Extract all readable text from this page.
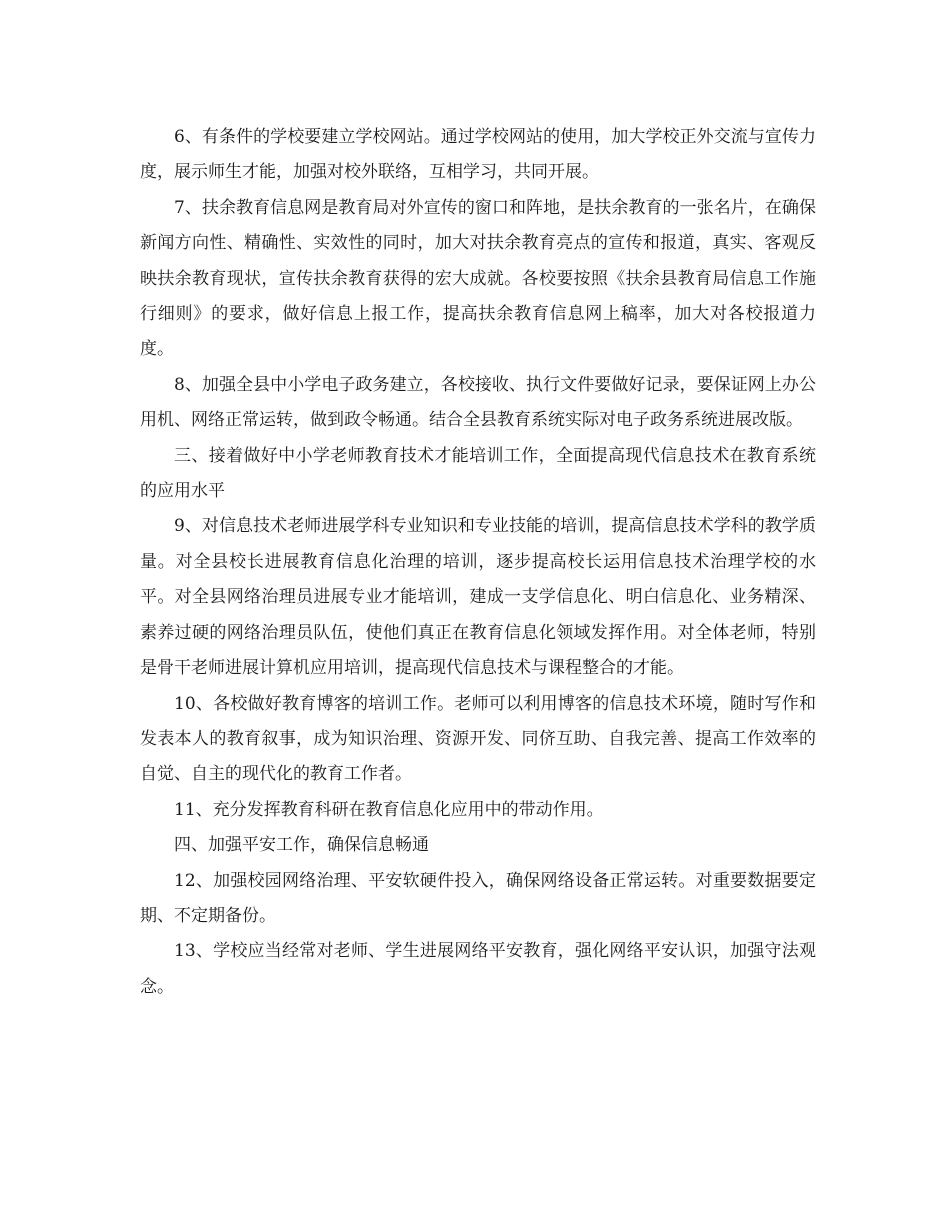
6、有条件的学校要建立学校网站。通过学校网站的使用，加大学校正外交流与宣传力度，展示师生才能，加强对校外联络，互相学习，共同开展。

7、扶余教育信息网是教育局对外宣传的窗口和阵地，是扶余教育的一张名片，在确保新闻方向性、精确性、实效性的同时，加大对扶余教育亮点的宣传和报道，真实、客观反映扶余教育现状，宣传扶余教育获得的宏大成就。各校要按照《扶余县教育局信息工作施行细则》的要求，做好信息上报工作，提高扶余教育信息网上稿率，加大对各校报道力度。

8、加强全县中小学电子政务建立，各校接收、执行文件要做好记录，要保证网上办公用机、网络正常运转，做到政令畅通。结合全县教育系统实际对电子政务系统进展改版。

三、接着做好中小学老师教育技术才能培训工作，全面提高现代信息技术在教育系统的应用水平

9、对信息技术老师进展学科专业知识和专业技能的培训，提高信息技术学科的教学质量。对全县校长进展教育信息化治理的培训，逐步提高校长运用信息技术治理学校的水平。对全县网络治理员进展专业才能培训，建成一支学信息化、明白信息化、业务精深、素养过硬的网络治理员队伍，使他们真正在教育信息化领域发挥作用。对全体老师，特别是骨干老师进展计算机应用培训，提高现代信息技术与课程整合的才能。

10、各校做好教育博客的培训工作。老师可以利用博客的信息技术环境，随时写作和发表本人的教育叙事，成为知识治理、资源开发、同侪互助、自我完善、提高工作效率的自觉、自主的现代化的教育工作者。

11、充分发挥教育科研在教育信息化应用中的带动作用。

四、加强平安工作，确保信息畅通

12、加强校园网络治理、平安软硬件投入，确保网络设备正常运转。对重要数据要定期、不定期备份。

13、学校应当经常对老师、学生进展网络平安教育，强化网络平安认识，加强守法观念。
